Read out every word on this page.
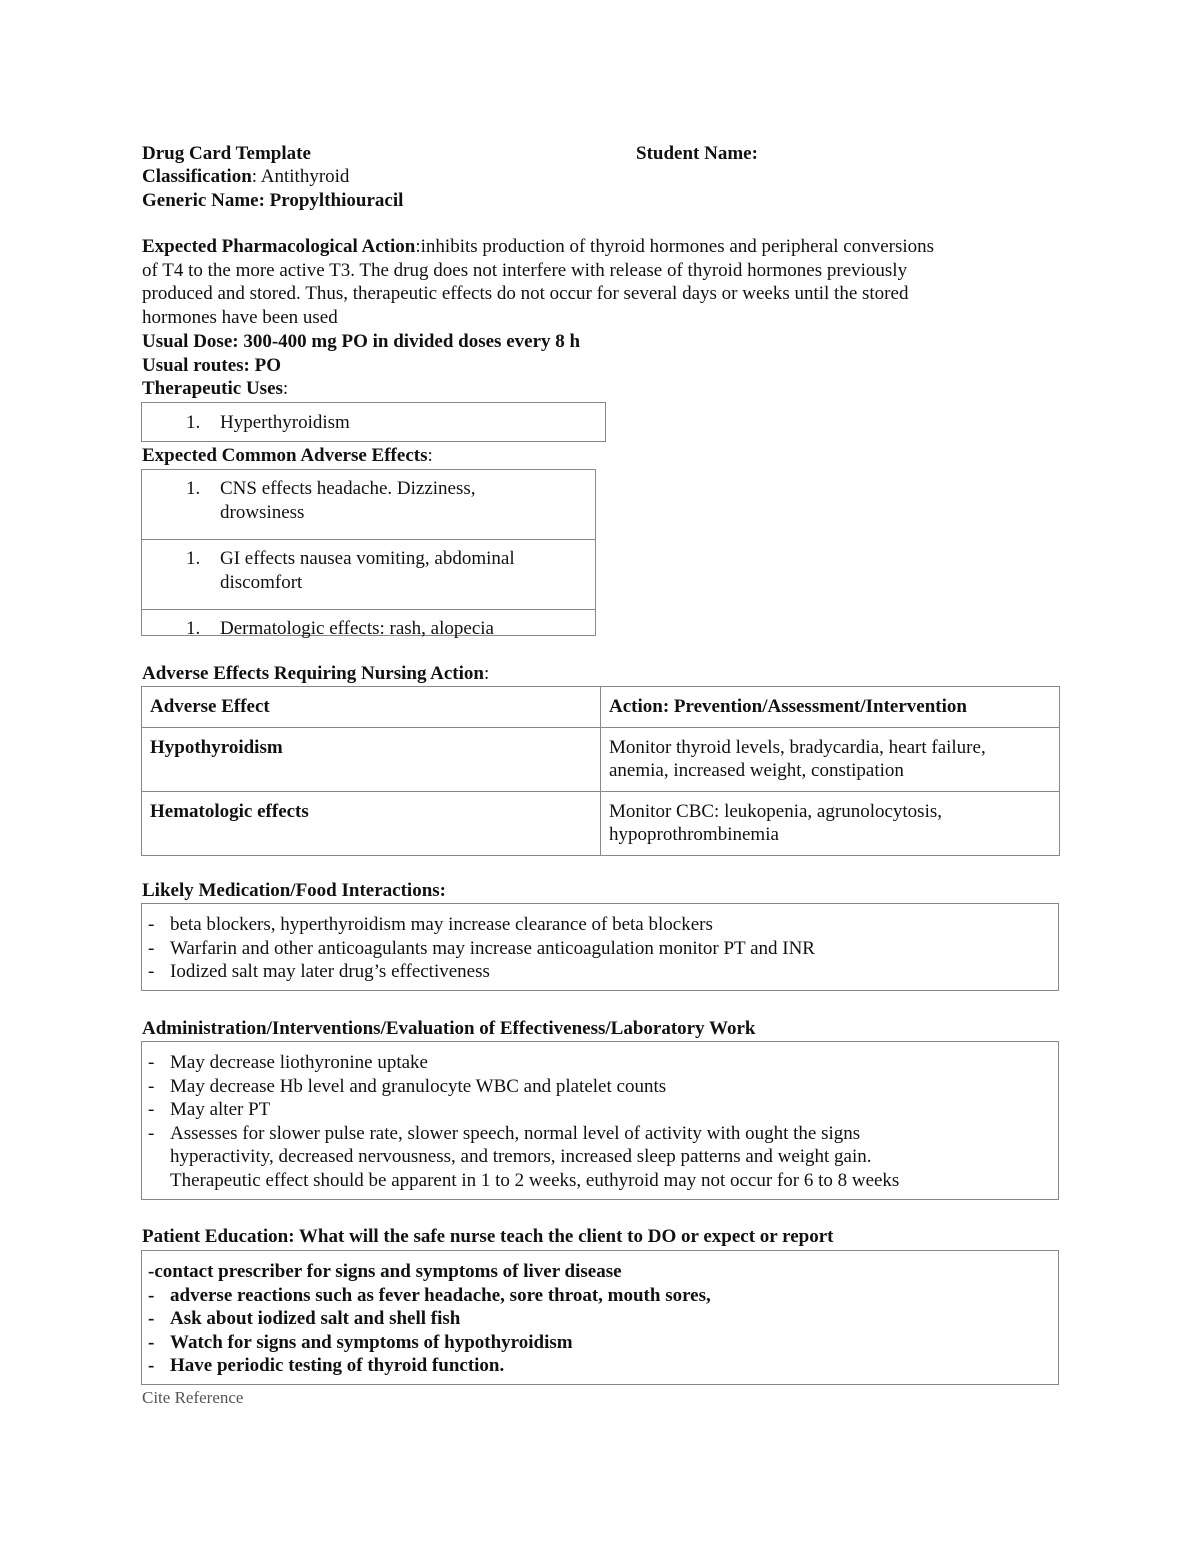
Drug Card Template	Student Name:
Classification: Antithyroid
Generic Name: Propylthiouracil
Expected Pharmacological Action:inhibits production of thyroid hormones and peripheral conversions
of T4 to the more active T3. The drug does not interfere with release of thyroid hormones previously
produced and stored. Thus, therapeutic effects do not occur for several days or weeks until the stored
hormones have been used
Usual Dose: 300-400 mg PO in divided doses every 8 h
Usual routes: PO
Therapeutic Uses:
1.	Hyperthyroidism
Expected Common Adverse Effects:
1.	CNS effects headache. Dizziness,
drowsiness
1.	GI effects nausea vomiting, abdominal
discomfort
1.	Dermatologic effects: rash, alopecia
Adverse Effects Requiring Nursing Action:
Adverse Effect	Action: Prevention/Assessment/Intervention
Hypothyroidism	Monitor thyroid levels, bradycardia, heart failure,
anemia, increased weight, constipation

Hematologic effects	Monitor CBC: leukopenia, agrunolocytosis,
hypoprothrombinemia
Likely Medication/Food Interactions:
- beta blockers, hyperthyroidism may increase clearance of beta blockers
- Warfarin and other anticoagulants may increase anticoagulation monitor PT and INR
- Iodized salt may later drug’s effectiveness
Administration/Interventions/Evaluation of Effectiveness/Laboratory Work
- May decrease liothyronine uptake
- May decrease Hb level and granulocyte WBC and platelet counts
- May alter PT
- Assesses for slower pulse rate, slower speech, normal level of activity with ought the signs
hyperactivity, decreased nervousness, and tremors, increased sleep patterns and weight gain.
Therapeutic effect should be apparent in 1 to 2 weeks, euthyroid may not occur for 6 to 8 weeks
Patient Education: What will the safe nurse teach the client to DO or expect or report
-contact prescriber for signs and symptoms of liver disease
- adverse reactions such as fever headache, sore throat, mouth sores,
- Ask about iodized salt and shell fish
- Watch for signs and symptoms of hypothyroidism
- Have periodic testing of thyroid function.
Cite Reference
